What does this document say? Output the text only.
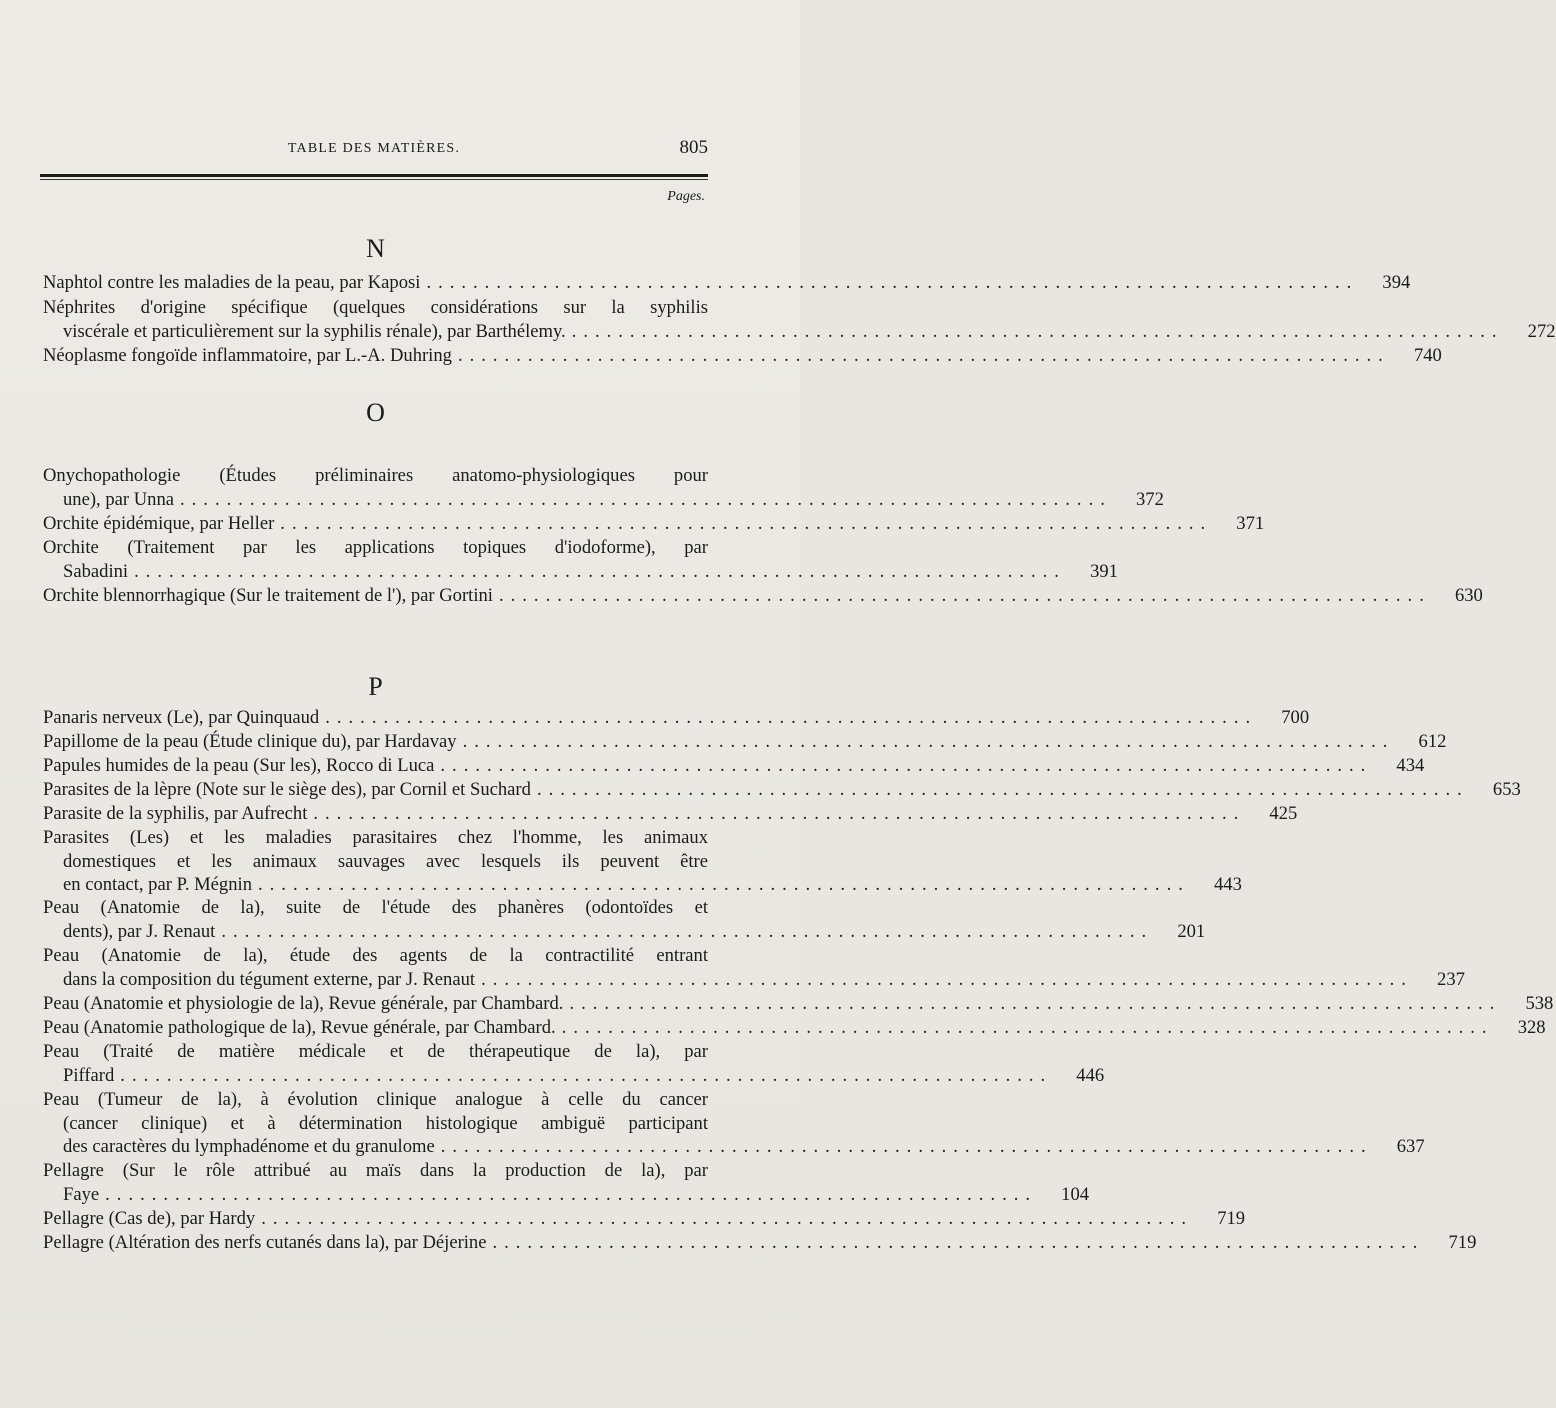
TABLE DES MATIÈRES.	805
Pages.
N
Naphtol contre les maladies de la peau, par Kaposi ................................................................................	394
Néphrites d'origine spécifique (quelques considérations sur la syphilis
viscérale et particulièrement sur la syphilis rénale), par Barthélemy. ................................................................................	272
Néoplasme fongoïde inflammatoire, par L.-A. Duhring ................................................................................	740
O
Onychopathologie (Études préliminaires anatomo-physiologiques pour
une), par Unna ................................................................................	372
Orchite épidémique, par Heller ................................................................................	371
Orchite (Traitement par les applications topiques d'iodoforme), par
Sabadini ................................................................................	391
Orchite blennorrhagique (Sur le traitement de l'), par Gortini ................................................................................	630
P
Panaris nerveux (Le), par Quinquaud ................................................................................	700
Papillome de la peau (Étude clinique du), par Hardavay ................................................................................	612
Papules humides de la peau (Sur les), Rocco di Luca ................................................................................	434
Parasites de la lèpre (Note sur le siège des), par Cornil et Suchard ................................................................................	653
Parasite de la syphilis, par Aufrecht ................................................................................	425
Parasites (Les) et les maladies parasitaires chez l'homme, les animaux
domestiques et les animaux sauvages avec lesquels ils peuvent être
en contact, par P. Mégnin ................................................................................	443
Peau (Anatomie de la), suite de l'étude des phanères (odontoïdes et
dents), par J. Renaut ................................................................................	201
Peau (Anatomie de la), étude des agents de la contractilité entrant
dans la composition du tégument externe, par J. Renaut ................................................................................	237
Peau (Anatomie et physiologie de la), Revue générale, par Chambard. ................................................................................	538
Peau (Anatomie pathologique de la), Revue générale, par Chambard. ................................................................................	328
Peau (Traité de matière médicale et de thérapeutique de la), par
Piffard ................................................................................	446
Peau (Tumeur de la), à évolution clinique analogue à celle du cancer
(cancer clinique) et à détermination histologique ambiguë participant
des caractères du lymphadénome et du granulome ................................................................................	637
Pellagre (Sur le rôle attribué au maïs dans la production de la), par
Faye ................................................................................	104
Pellagre (Cas de), par Hardy ................................................................................	719
Pellagre (Altération des nerfs cutanés dans la), par Déjerine ................................................................................	719
